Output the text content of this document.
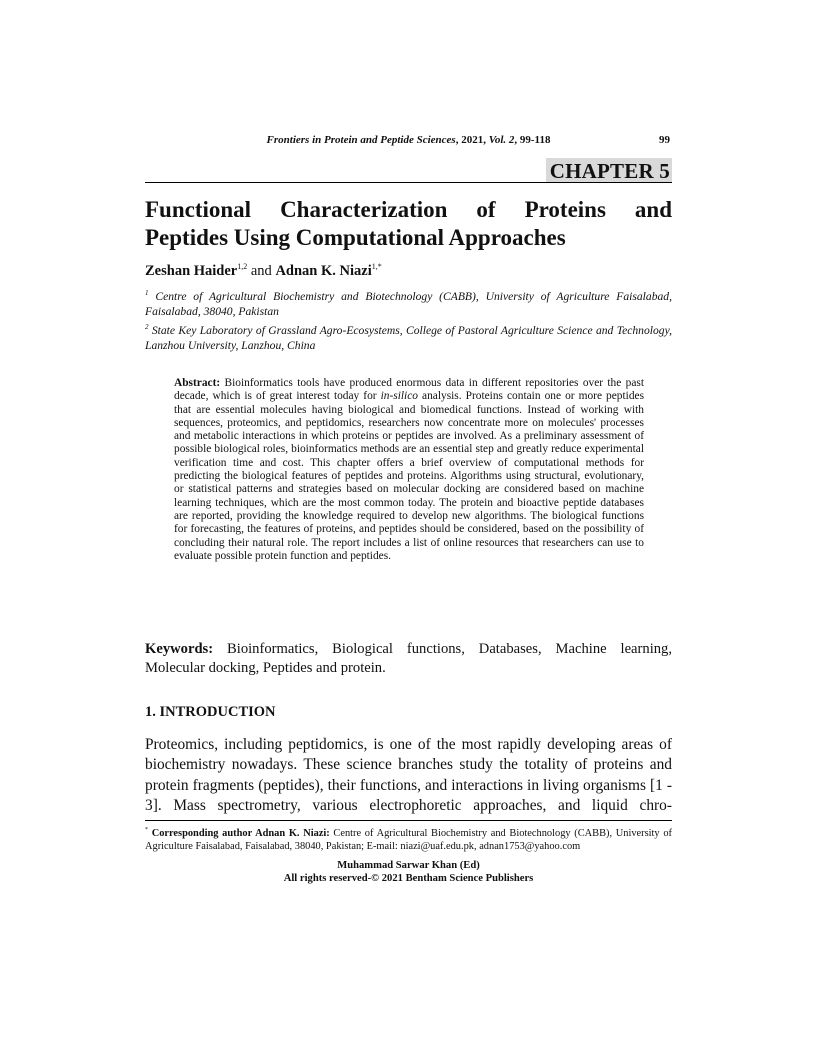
Frontiers in Protein and Peptide Sciences, 2021, Vol. 2, 99-118	99
CHAPTER 5
Functional Characterization of Proteins and
Peptides Using Computational Approaches
Zeshan Haider$^{1,2}$ and Adnan K. Niazi$^{1,*}$
$^1$ Centre of Agricultural Biochemistry and Biotechnology (CABB), University of Agriculture Faisalabad, Faisalabad, 38040, Pakistan
$^2$ State Key Laboratory of Grassland Agro-Ecosystems, College of Pastoral Agriculture Science and Technology, Lanzhou University, Lanzhou, China
Abstract: Bioinformatics tools have produced enormous data in different repositories over the past decade, which is of great interest today for in-silico analysis. Proteins contain one or more peptides that are essential molecules having biological and biomedical functions. Instead of working with sequences, proteomics, and peptidomics, researchers now concentrate more on molecules' processes and metabolic interactions in which proteins or peptides are involved. As a preliminary assessment of possible biological roles, bioinformatics methods are an essential step and greatly reduce experimental verification time and cost. This chapter offers a brief overview of computational methods for predicting the biological features of peptides and proteins. Algorithms using structural, evolutionary, or statistical patterns and strategies based on molecular docking are considered based on machine learning techniques, which are the most common today. The protein and bioactive peptide databases are reported, providing the knowledge required to develop new algorithms. The biological functions for forecasting, the features of proteins, and peptides should be considered, based on the possibility of concluding their natural role. The report includes a list of online resources that researchers can use to evaluate possible protein function and peptides.
Keywords: Bioinformatics, Biological functions, Databases, Machine learning, Molecular docking, Peptides and protein.
1. INTRODUCTION
Proteomics, including peptidomics, is one of the most rapidly developing areas of biochemistry nowadays. These science branches study the totality of proteins and protein fragments (peptides), their functions, and interactions in living organisms [1 - 3]. Mass spectrometry, various electrophoretic approaches, and liquid chro-
* Corresponding author Adnan K. Niazi: Centre of Agricultural Biochemistry and Biotechnology (CABB), University of Agriculture Faisalabad, Faisalabad, 38040, Pakistan; E-mail: niazi@uaf.edu.pk, adnan1753@yahoo.com
Muhammad Sarwar Khan (Ed)
All rights reserved-© 2021 Bentham Science Publishers
